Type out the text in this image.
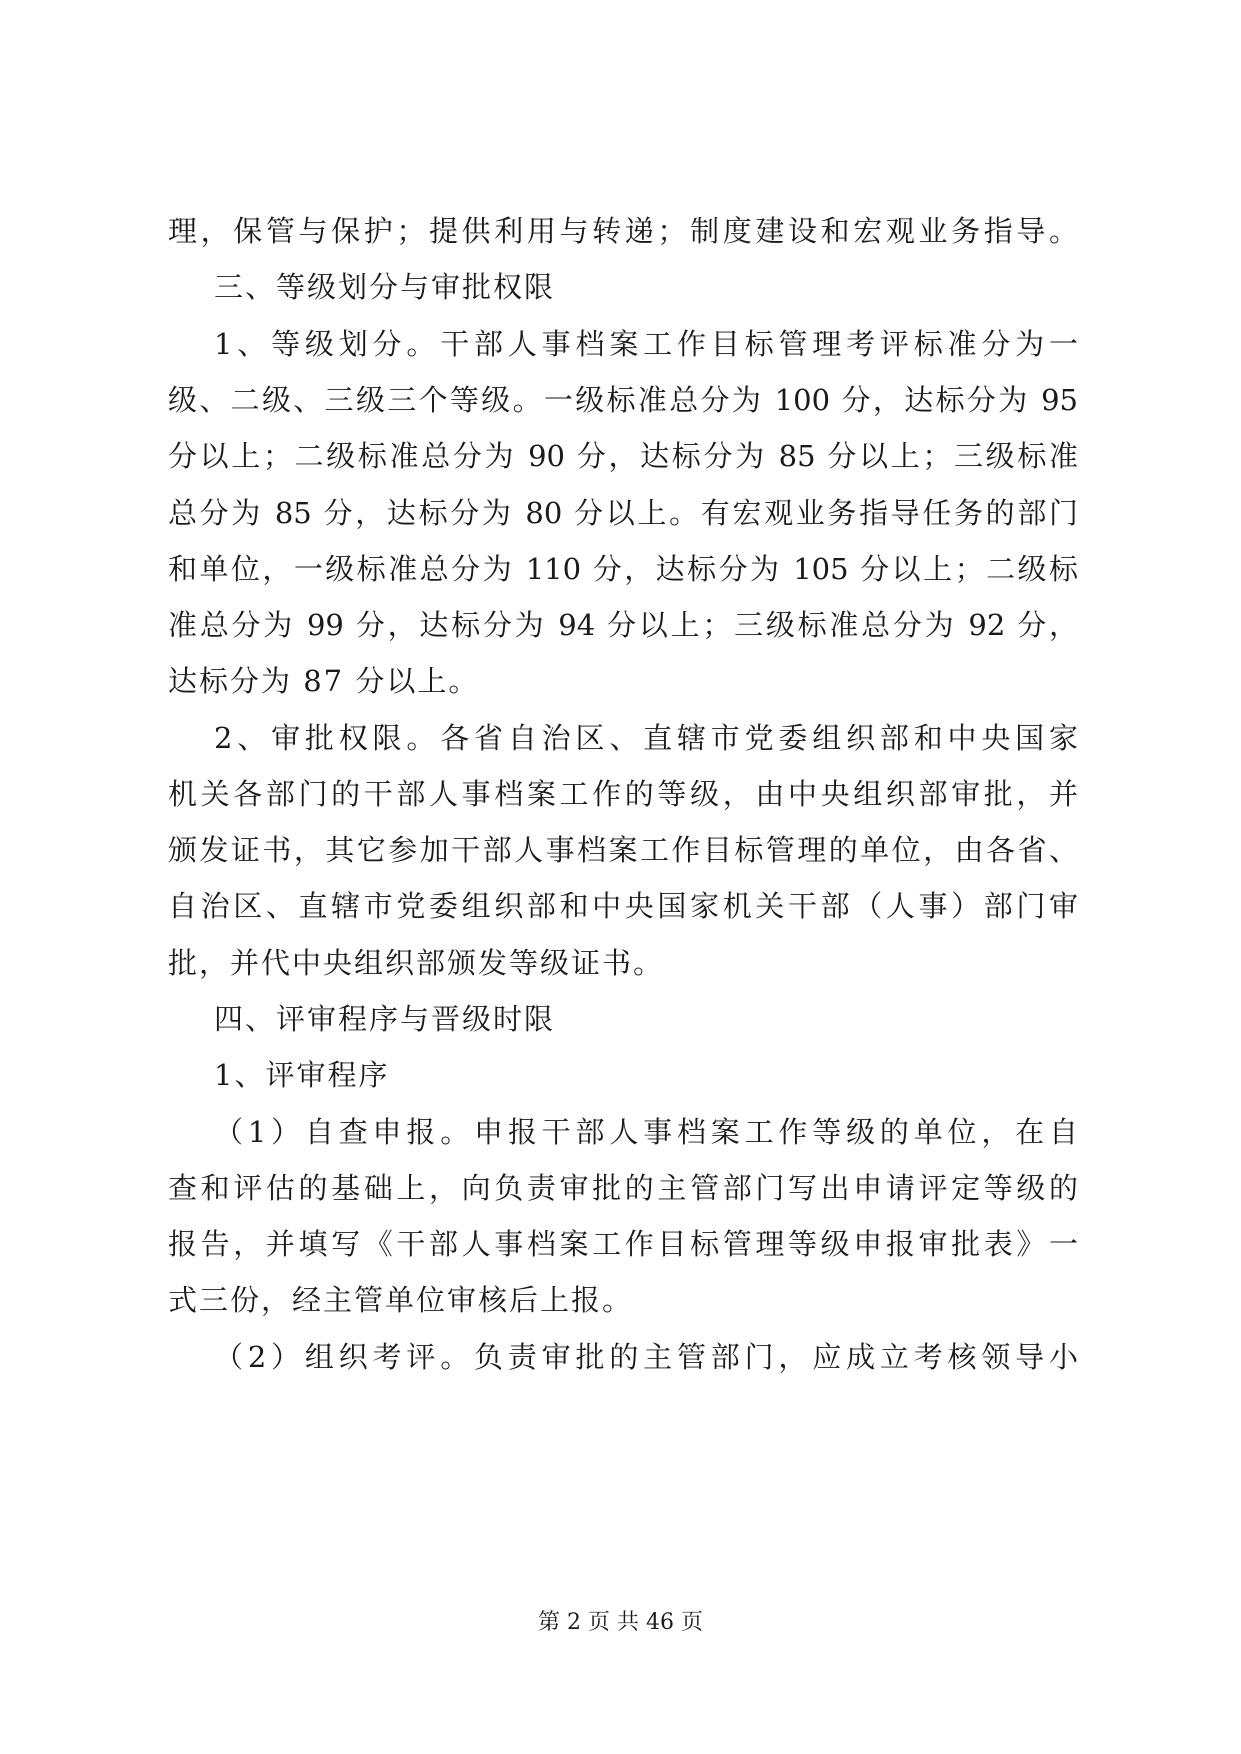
理，保管与保护；提供利用与转递；制度建设和宏观业务指导。
三、等级划分与审批权限
1、等级划分。干部人事档案工作目标管理考评标准分为一
级、二级、三级三个等级。一级标准总分为 100 分，达标分为 95
分以上；二级标准总分为 90 分，达标分为 85 分以上；三级标准
总分为 85 分，达标分为 80 分以上。有宏观业务指导任务的部门
和单位，一级标准总分为 110 分，达标分为 105 分以上；二级标
准总分为 99 分，达标分为 94 分以上；三级标准总分为 92 分，
达标分为 87 分以上。
2、审批权限。各省自治区、直辖市党委组织部和中央国家
机关各部门的干部人事档案工作的等级，由中央组织部审批，并
颁发证书，其它参加干部人事档案工作目标管理的单位，由各省、
自治区、直辖市党委组织部和中央国家机关干部（人事）部门审
批，并代中央组织部颁发等级证书。
四、评审程序与晋级时限
1、评审程序
（1）自查申报。申报干部人事档案工作等级的单位，在自
查和评估的基础上，向负责审批的主管部门写出申请评定等级的
报告，并填写《干部人事档案工作目标管理等级申报审批表》一
式三份，经主管单位审核后上报。
（2）组织考评。负责审批的主管部门，应成立考核领导小
第 2 页 共 46 页
